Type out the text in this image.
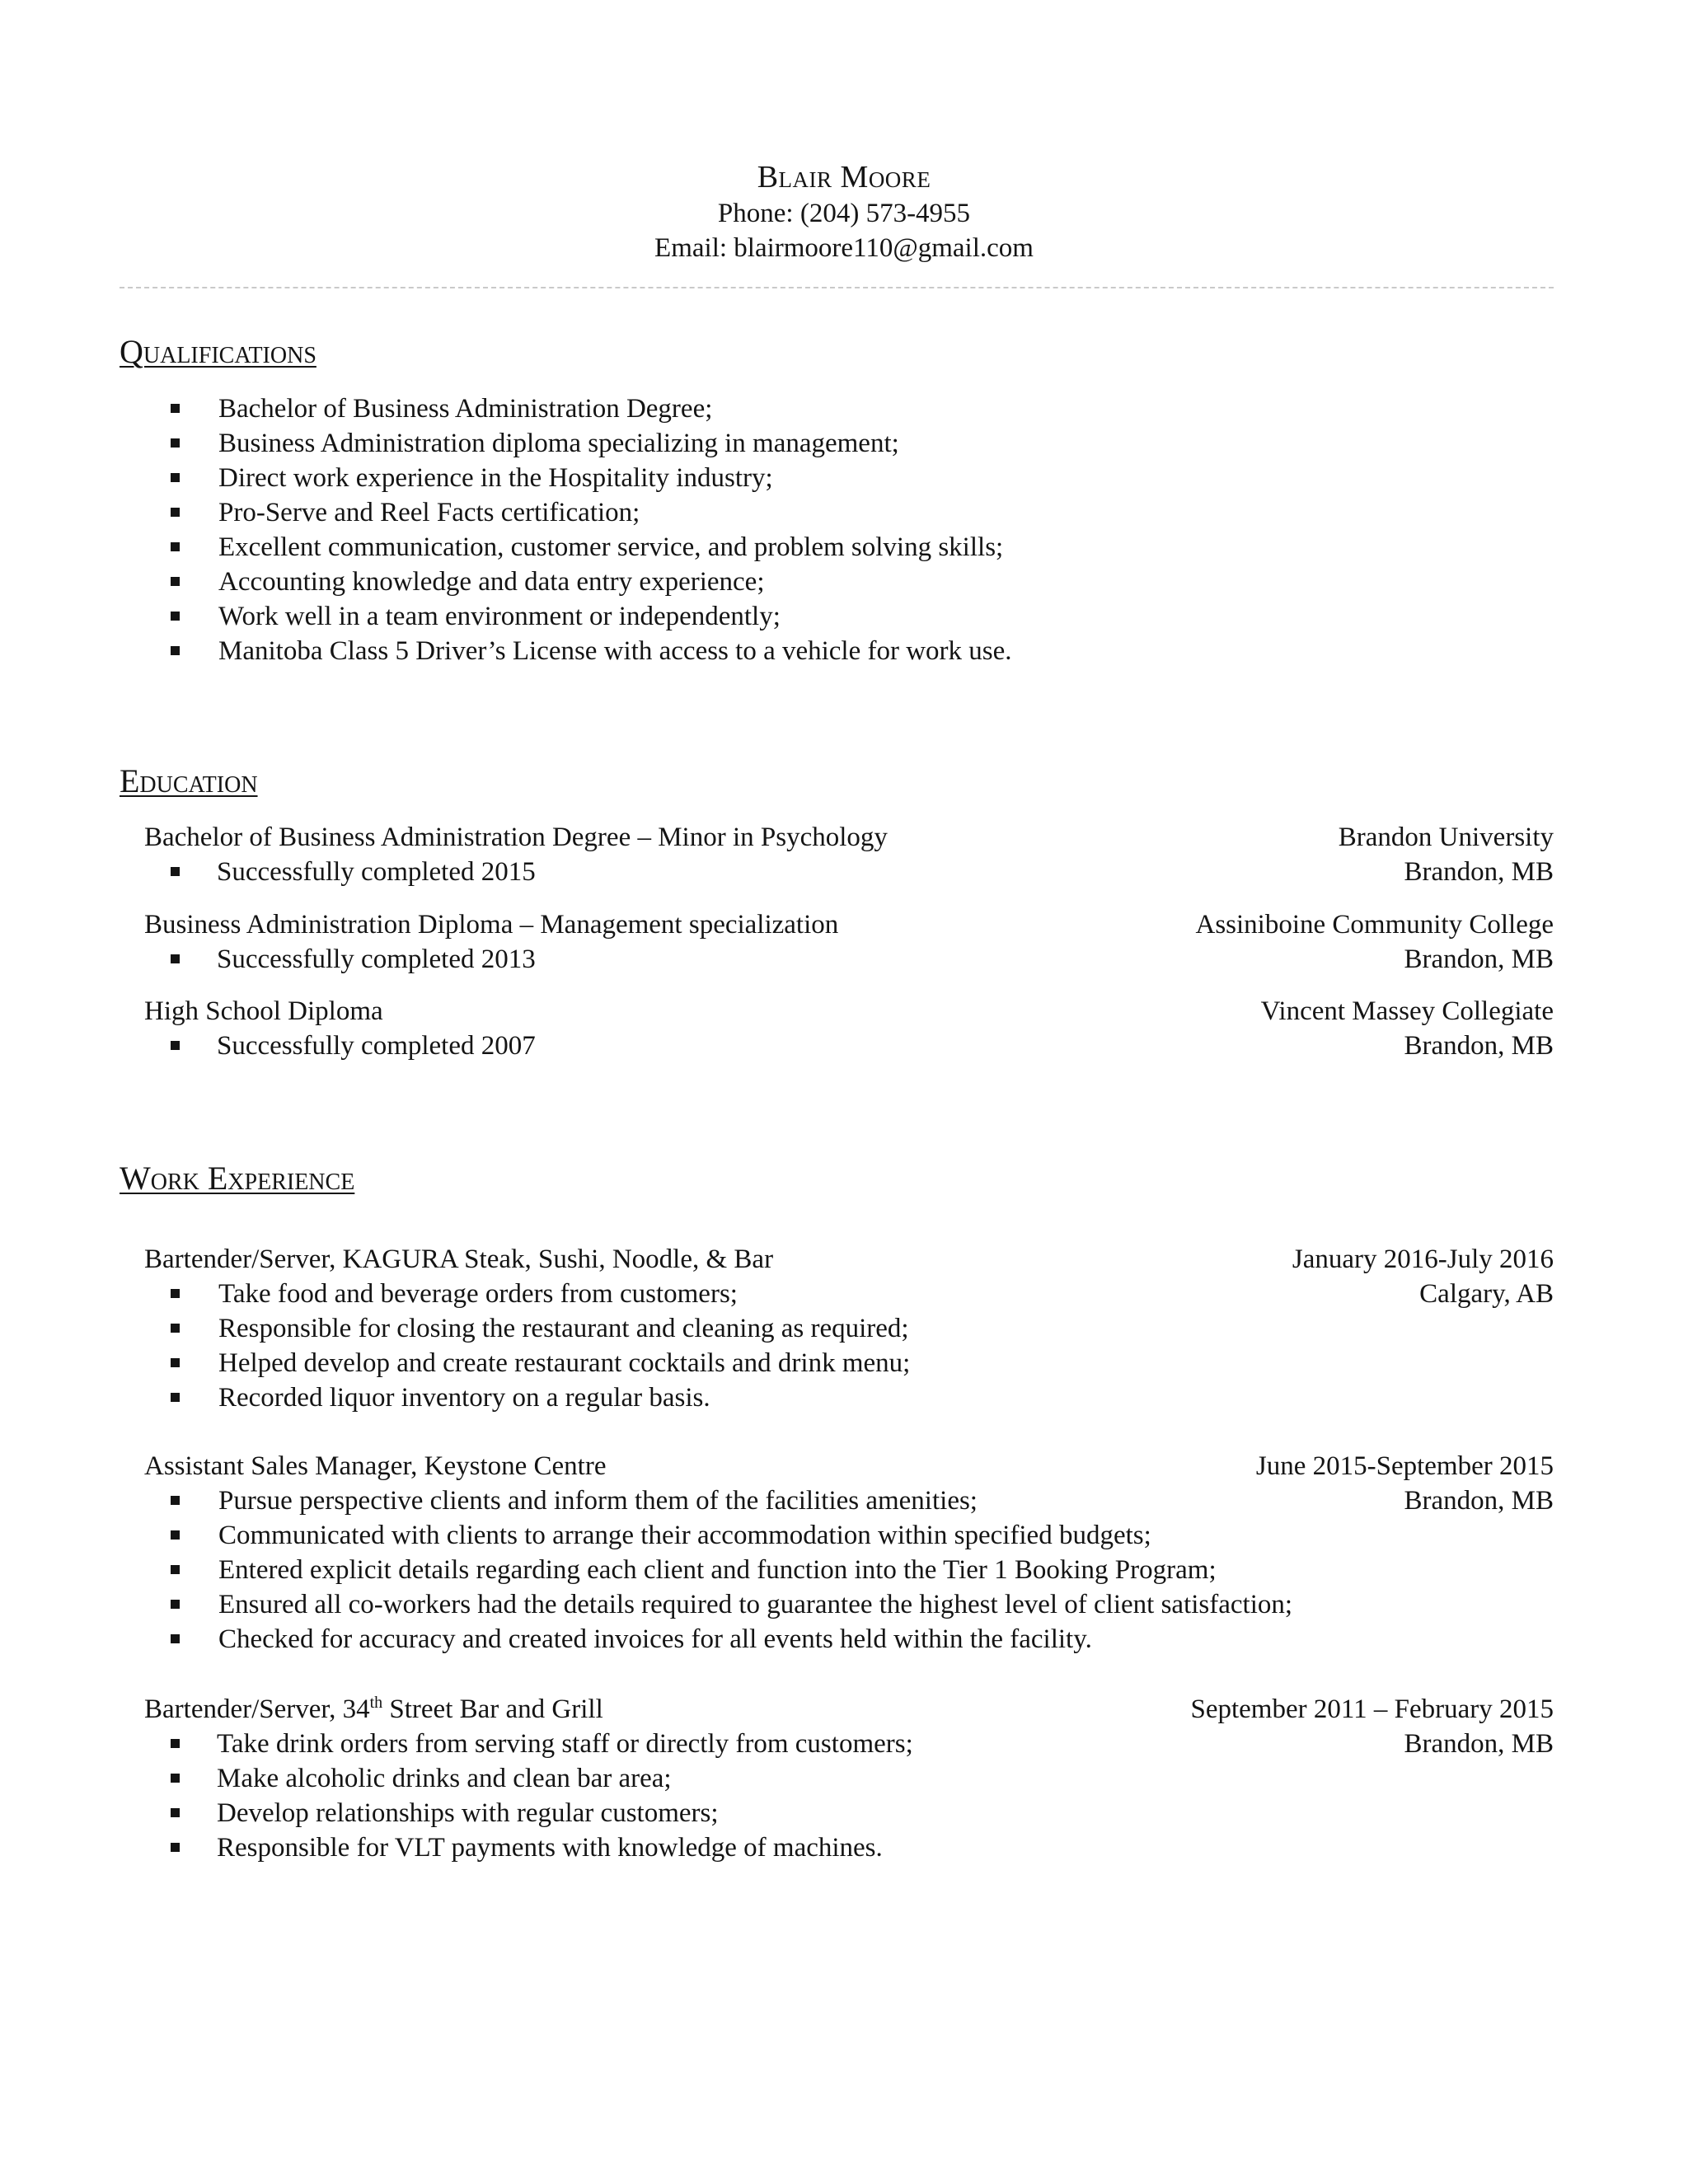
Blair Moore
Phone: (204) 573-4955
Email: blairmoore110@gmail.com
Qualifications
Bachelor of Business Administration Degree;
Business Administration diploma specializing in management;
Direct work experience in the Hospitality industry;
Pro-Serve and Reel Facts certification;
Excellent communication, customer service, and problem solving skills;
Accounting knowledge and data entry experience;
Work well in a team environment or independently;
Manitoba Class 5 Driver’s License with access to a vehicle for work use.
Education
Bachelor of Business Administration Degree – Minor in Psychology	Brandon University
Successfully completed 2015	Brandon, MB
Business Administration Diploma – Management specialization	Assiniboine Community College
Successfully completed 2013	Brandon, MB
High School Diploma	Vincent Massey Collegiate
Successfully completed 2007	Brandon, MB
Work Experience
Bartender/Server, KAGURA Steak, Sushi, Noodle, & Bar	January 2016-July 2016
Take food and beverage orders from customers;	Calgary, AB
Responsible for closing the restaurant and cleaning as required;
Helped develop and create restaurant cocktails and drink menu;
Recorded liquor inventory on a regular basis.
Assistant Sales Manager, Keystone Centre	June 2015-September 2015
Pursue perspective clients and inform them of the facilities amenities;	Brandon, MB
Communicated with clients to arrange their accommodation within specified budgets;
Entered explicit details regarding each client and function into the Tier 1 Booking Program;
Ensured all co-workers had the details required to guarantee the highest level of client satisfaction;
Checked for accuracy and created invoices for all events held within the facility.
Bartender/Server, 34th Street Bar and Grill	September 2011 – February 2015
Take drink orders from serving staff or directly from customers;	Brandon, MB
Make alcoholic drinks and clean bar area;
Develop relationships with regular customers;
Responsible for VLT payments with knowledge of machines.
